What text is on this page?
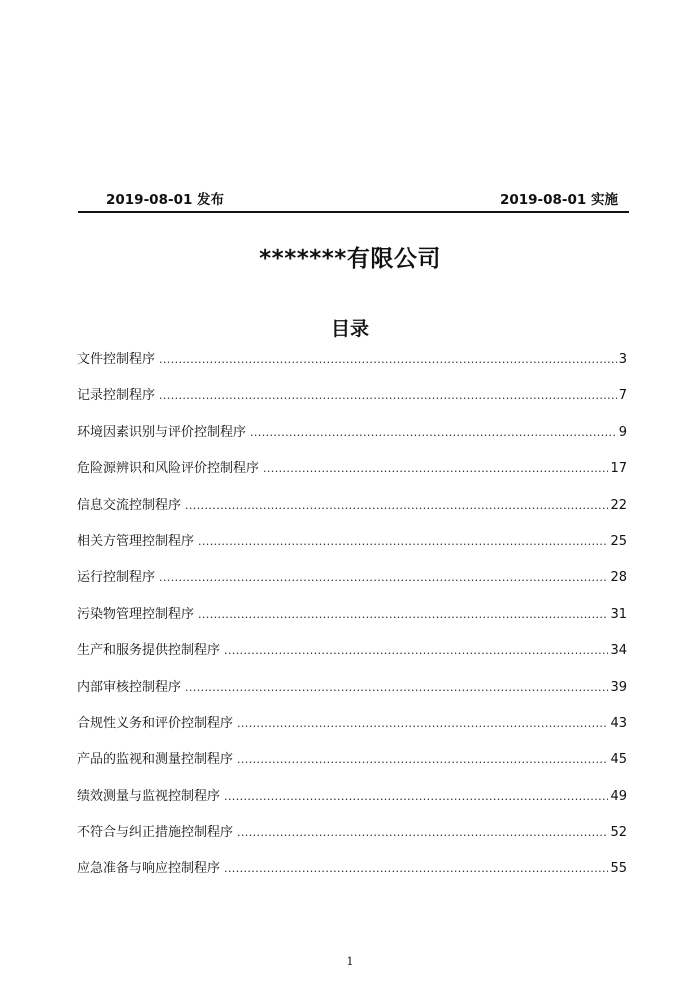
2019-08-01 发布	2019-08-01 实施
*******有限公司
目录
文件控制程序 .....	3
记录控制程序 .....	7
环境因素识别与评价控制程序 .....	9
危险源辨识和风险评价控制程序 .....	17
信息交流控制程序 .....	22
相关方管理控制程序 .....	25
运行控制程序 .....	28
污染物管理控制程序 .....	31
生产和服务提供控制程序 .....	34
内部审核控制程序 .....	39
合规性义务和评价控制程序 .....	43
产品的监视和测量控制程序 .....	45
绩效测量与监视控制程序 .....	49
不符合与纠正措施控制程序 .....	52
应急准备与响应控制程序 .....	55
1
